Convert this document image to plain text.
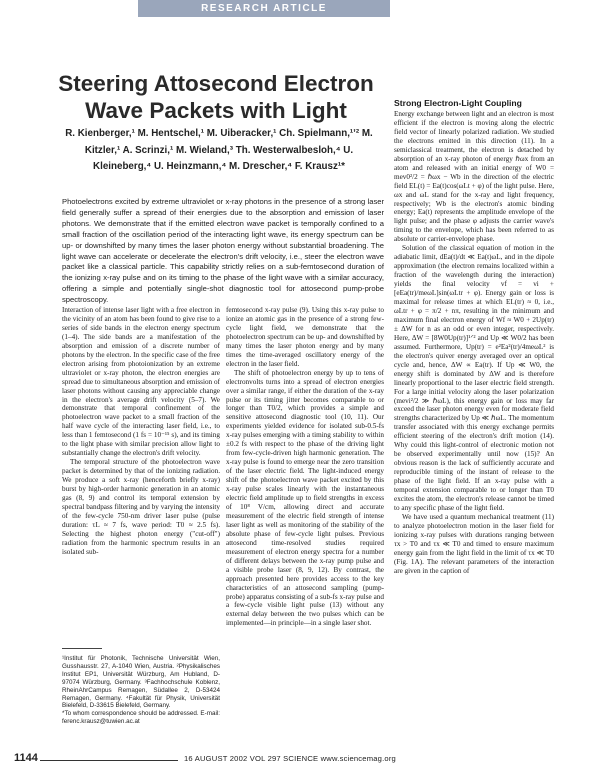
RESEARCH ARTICLE
Steering Attosecond Electron Wave Packets with Light

R. Kienberger,¹ M. Hentschel,¹ M. Uiberacker,¹ Ch. Spielmann,¹ʼ² M. Kitzler,¹ A. Scrinzi,¹ M. Wieland,³ Th. Westerwalbesloh,⁴ U. Kleineberg,⁴ U. Heinzmann,⁴ M. Drescher,⁴ F. Krausz¹*

Photoelectrons excited by extreme ultraviolet or x-ray photons in the presence of a strong laser field generally suffer a spread of their energies due to the absorption and emission of laser photons. We demonstrate that if the emitted electron wave packet is temporally confined to a small fraction of the oscillation period of the interacting light wave, its energy spectrum can be up- or downshifted by many times the laser photon energy without substantial broadening. The light wave can accelerate or decelerate the electron's drift velocity, i.e., steer the electron wave packet like a classical particle. This capability strictly relies on a sub-femtosecond duration of the ionizing x-ray pulse and on its timing to the phase of the light wave with a similar accuracy, offering a simple and potentially single-shot diagnostic tool for attosecond pump-probe spectroscopy.

Interaction of intense laser light with a free electron in the vicinity of an atom has been found to give rise to a series of side bands in the electron energy spectrum (1–4). The side bands are a manifestation of the absorption and emission of a discrete number of photons by the electron. In the specific case of the free electron arising from photoionization by an extreme ultraviolet or x-ray photon, the electron energies are spread due to simultaneous absorption and emission of laser photons without causing any appreciable change in the electron's average drift velocity (5–7). We demonstrate that temporal confinement of the photoelectron wave packet to a small fraction of the half wave cycle of the interacting laser field, i.e., to less than 1 femtosecond (1 fs = 10⁻¹⁵ s), and its timing to the light phase with similar precision allow light to substantially change the electron's drift velocity.

The temporal structure of the photoelectron wave packet is determined by that of the ionizing radiation. We produce a soft x-ray (henceforth briefly x-ray) burst by high-order harmonic generation in an atomic gas (8, 9) and control its temporal extension by spectral bandpass filtering and by varying the intensity of the few-cycle 750-nm driver laser pulse (pulse duration: τL ≈ 7 fs, wave period: T0 ≈ 2.5 fs). Selecting the highest photon energy ("cut-off") radiation from the harmonic spectrum results in an isolated sub-

femtosecond x-ray pulse (9). Using this x-ray pulse to ionize an atomic gas in the presence of a strong few-cycle light field, we demonstrate that the photoelectron spectrum can be up- and downshifted by many times the laser photon energy and by many times the time-averaged oscillatory energy of the electron in the laser field.

The shift of photoelectron energy by up to tens of electronvolts turns into a spread of electron energies over a similar range, if either the duration of the x-ray pulse or its timing jitter becomes comparable to or longer than T0/2, which provides a simple and sensitive attosecond diagnostic tool (10, 11). Our experiments yielded evidence for isolated sub-0.5-fs x-ray pulses emerging with a timing stability to within ±0.2 fs with respect to the phase of the driving light from few-cycle-driven high harmonic generation. The x-ray pulse is found to emerge near the zero transition of the laser electric field. The light-induced energy shift of the photoelectron wave packet excited by this x-ray pulse scales linearly with the instantaneous electric field amplitude up to field strengths in excess of 10⁸ V/cm, allowing direct and accurate measurement of the electric field strength of intense laser light as well as monitoring of the stability of the absolute phase of few-cycle light pulses. Previous attosecond time-resolved studies required measurement of electron energy spectra for a number of different delays between the x-ray pump pulse and a visible probe laser (8, 9, 12). By contrast, the approach presented here provides access to the key characteristics of an attosecond sampling (pump-probe) apparatus consisting of a sub-fs x-ray pulse and a few-cycle visible light pulse (13) without any external delay between the two pulses which can be implemented—in principle—in a single laser shot.

Strong Electron-Light Coupling

Energy exchange between light and an electron is most efficient if the electron is moving along the electric field vector of linearly polarized radiation. We studied the electrons emitted in this direction (11). In a semiclassical treatment, the electron is detached by absorption of an x-ray photon of energy ℏωx from an atom and released with an initial energy of W0 = mev0²/2 = ℏωx − Wb in the direction of the electric field EL(t) = Ea(t)cos(ωLt + φ) of the light pulse. Here, ωx and ωL stand for the x-ray and light frequency, respectively; Wb is the electron's atomic binding energy; Ea(t) represents the amplitude envelope of the light pulse; and the phase φ adjusts the carrier wave's timing to the envelope, which has been referred to as absolute or carrier-envelope phase.

Solution of the classical equation of motion in the adiabatic limit, dEa(t)/dt ≪ Ea(t)ωL, and in the dipole approximation (the electron remains localized within a fraction of the wavelength during the interaction) yields the final velocity vf = vi + [eEa(tr)/meωL]sin(ωLtr + φ). Energy gain or loss is maximal for release times at which EL(tr) ≈ 0, i.e., ωLtr + φ = π/2 + nπ, resulting in the minimum and maximum final electron energy of Wf ≈ W0 + 2Up(tr) ± ΔW for n as an odd or even integer, respectively. Here, ΔW = [8W0Up(tr)]¹ᐟ² and Up ≪ W0/2 has been assumed. Furthermore, Up(tr) = e²Ea²(tr)/4meωL² is the electron's quiver energy averaged over an optical cycle and, hence, ΔW ∝ Ea(tr). If Up ≪ W0, the energy shift is dominated by ΔW and is therefore linearly proportional to the laser electric field strength. For a large initial velocity along the laser polarization (mevi²/2 ≫ ℏωL), this energy gain or loss may far exceed the laser photon energy even for moderate field strengths characterized by Up ≪ ℏωL. The momentum transfer associated with this energy exchange permits efficient steering of the electron's drift motion (14). Why could this light-control of electronic motion not be observed experimentally until now (15)? An obvious reason is the lack of sufficiently accurate and reproducible timing of the instant of release to the phase of the light field. If an x-ray pulse with a temporal extension comparable to or longer than T0 excites the atom, the electron's release cannot be timed to any specific phase of the light field.

We have used a quantum mechanical treatment (11) to analyze photoelectron motion in the laser field for ionizing x-ray pulses with durations ranging between τx > T0 and τx ≪ T0 and timed to ensure maximum energy gain from the light field in the limit of τx ≪ T0 (Fig. 1A). The relevant parameters of the interaction are given in the caption of

¹Institut für Photonik, Technische Universität Wien, Gusshausstr. 27, A-1040 Wien, Austria. ²Physikalisches Institut EP1, Universität Würzburg, Am Hubland, D-97074 Würzburg, Germany. ³Fachhochschule Koblenz, RheinAhrCampus Remagen, Südallee 2, D-53424 Remagen, Germany. ⁴Fakultät für Physik, Universität Bielefeld, D-33615 Bielefeld, Germany.

*To whom correspondence should be addressed. E-mail: ferenc.krausz@tuwien.ac.at

1144	16 AUGUST 2002 VOL 297 SCIENCE www.sciencemag.org
